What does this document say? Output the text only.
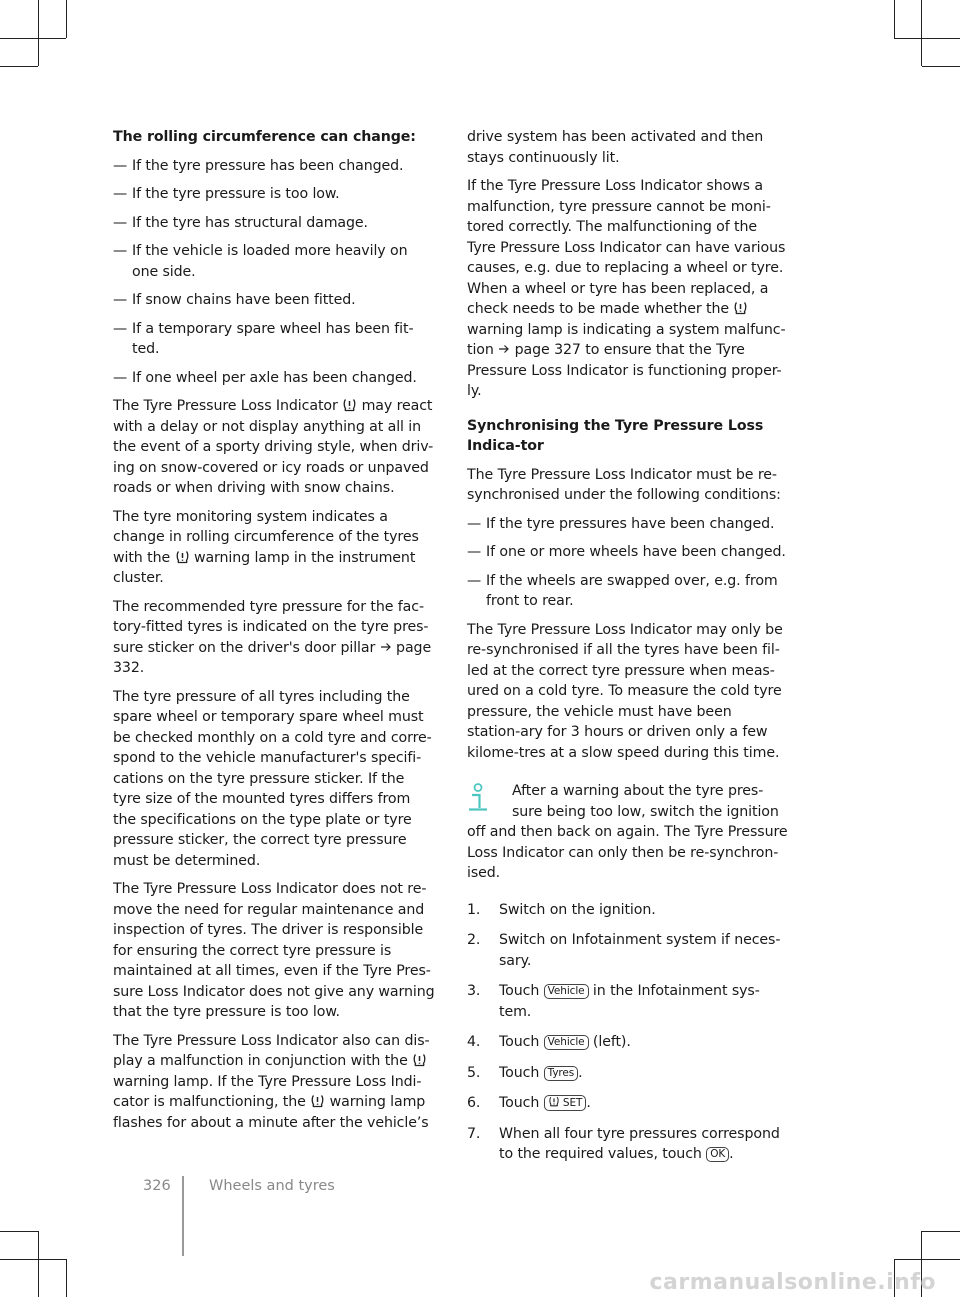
The rolling circumference can change:

— If the tyre pressure has been changed.
— If the tyre pressure is too low.
— If the tyre has structural damage.
— If the vehicle is loaded more heavily on one side.
— If snow chains have been fitted.
— If a temporary spare wheel has been fit-ted.
— If one wheel per axle has been changed.

The Tyre Pressure Loss Indicator may react with a delay or not display anything at all in the event of a sporty driving style, when driv-ing on snow-covered or icy roads or unpaved roads or when driving with snow chains.

The tyre monitoring system indicates a change in rolling circumference of the tyres with the warning lamp in the instrument cluster.

The recommended tyre pressure for the fac-tory-fitted tyres is indicated on the tyre pres-sure sticker on the driver's door pillar page 332.

The tyre pressure of all tyres including the spare wheel or temporary spare wheel must be checked monthly on a cold tyre and corre-spond to the vehicle manufacturer's specifi-cations on the tyre pressure sticker. If the tyre size of the mounted tyres differs from the specifications on the type plate or tyre pressure sticker, the correct tyre pressure must be determined.

The Tyre Pressure Loss Indicator does not re-move the need for regular maintenance and inspection of tyres. The driver is responsible for ensuring the correct tyre pressure is maintained at all times, even if the Tyre Pres-sure Loss Indicator does not give any warning that the tyre pressure is too low.

The Tyre Pressure Loss Indicator also can dis-play a malfunction in conjunction with the  warning lamp. If the Tyre Pressure Loss Indi-cator is malfunctioning, the warning lamp flashes for about a minute after the vehicle’s

drive system has been activated and then stays continuously lit.

If the Tyre Pressure Loss Indicator shows a malfunction, tyre pressure cannot be moni-tored correctly. The malfunctioning of the Tyre Pressure Loss Indicator can have various causes, e.g. due to replacing a wheel or tyre. When a wheel or tyre has been replaced, a check needs to be made whether the  warning lamp is indicating a system malfunc-tion page 327 to ensure that the Tyre Pressure Loss Indicator is functioning proper-ly.

Synchronising the Tyre Pressure Loss Indica-tor

The Tyre Pressure Loss Indicator must be re-synchronised under the following conditions:

— If the tyre pressures have been changed.
— If one or more wheels have been changed.
— If the wheels are swapped over, e.g. from front to rear.

The Tyre Pressure Loss Indicator may only be re-synchronised if all the tyres have been fil-led at the correct tyre pressure when meas-ured on a cold tyre. To measure the cold tyre pressure, the vehicle must have been station-ary for 3 hours or driven only a few kilome-tres at a slow speed during this time.

After a warning about the tyre pres-
sure being too low, switch the ignition
off and then back on again. The Tyre Pressure Loss Indicator can only then be re-synchron-ised.
1. Switch on the ignition.
2. Switch on Infotainment system if neces-sary.
3. Touch Vehicle in the Infotainment sys-tem.
4. Touch Vehicle (left).
5. Touch Tyres .
6. Touch SET .
7. When all four tyre pressures correspond to the required values, touch OK .
326	Wheels and tyres
carmanualsonline.info
